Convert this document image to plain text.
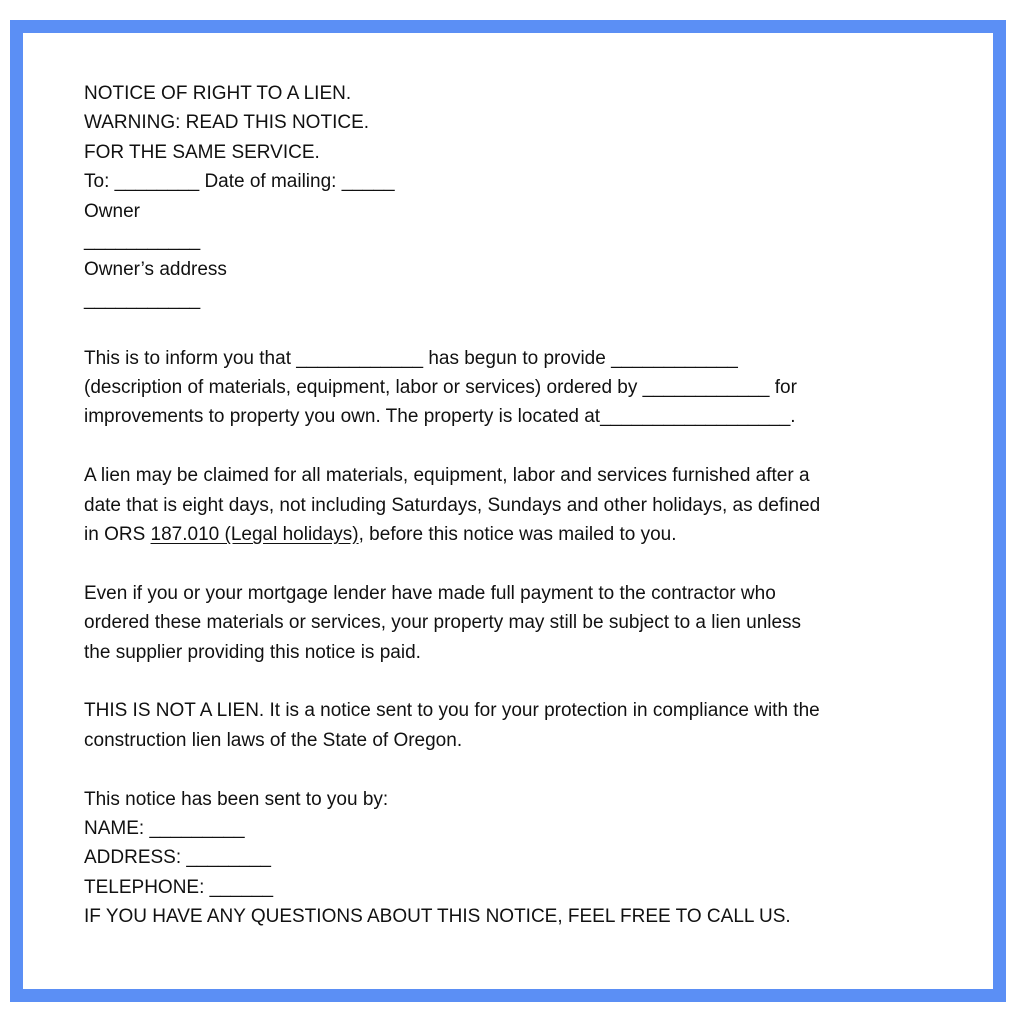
NOTICE OF RIGHT TO A LIEN.
WARNING: READ THIS NOTICE.
FOR THE SAME SERVICE.
To: ________ Date of mailing: _____
Owner
___________
Owner’s address
___________
This is to inform you that ____________ has begun to provide ____________
(description of materials, equipment, labor or services) ordered by ____________ for
improvements to property you own. The property is located at__________________.
A lien may be claimed for all materials, equipment, labor and services furnished after a
date that is eight days, not including Saturdays, Sundays and other holidays, as defined
in ORS 187.010 (Legal holidays), before this notice was mailed to you.
Even if you or your mortgage lender have made full payment to the contractor who
ordered these materials or services, your property may still be subject to a lien unless
the supplier providing this notice is paid.
THIS IS NOT A LIEN. It is a notice sent to you for your protection in compliance with the
construction lien laws of the State of Oregon.
This notice has been sent to you by:
NAME: _________
ADDRESS: ________
TELEPHONE: ______
IF YOU HAVE ANY QUESTIONS ABOUT THIS NOTICE, FEEL FREE TO CALL US.
